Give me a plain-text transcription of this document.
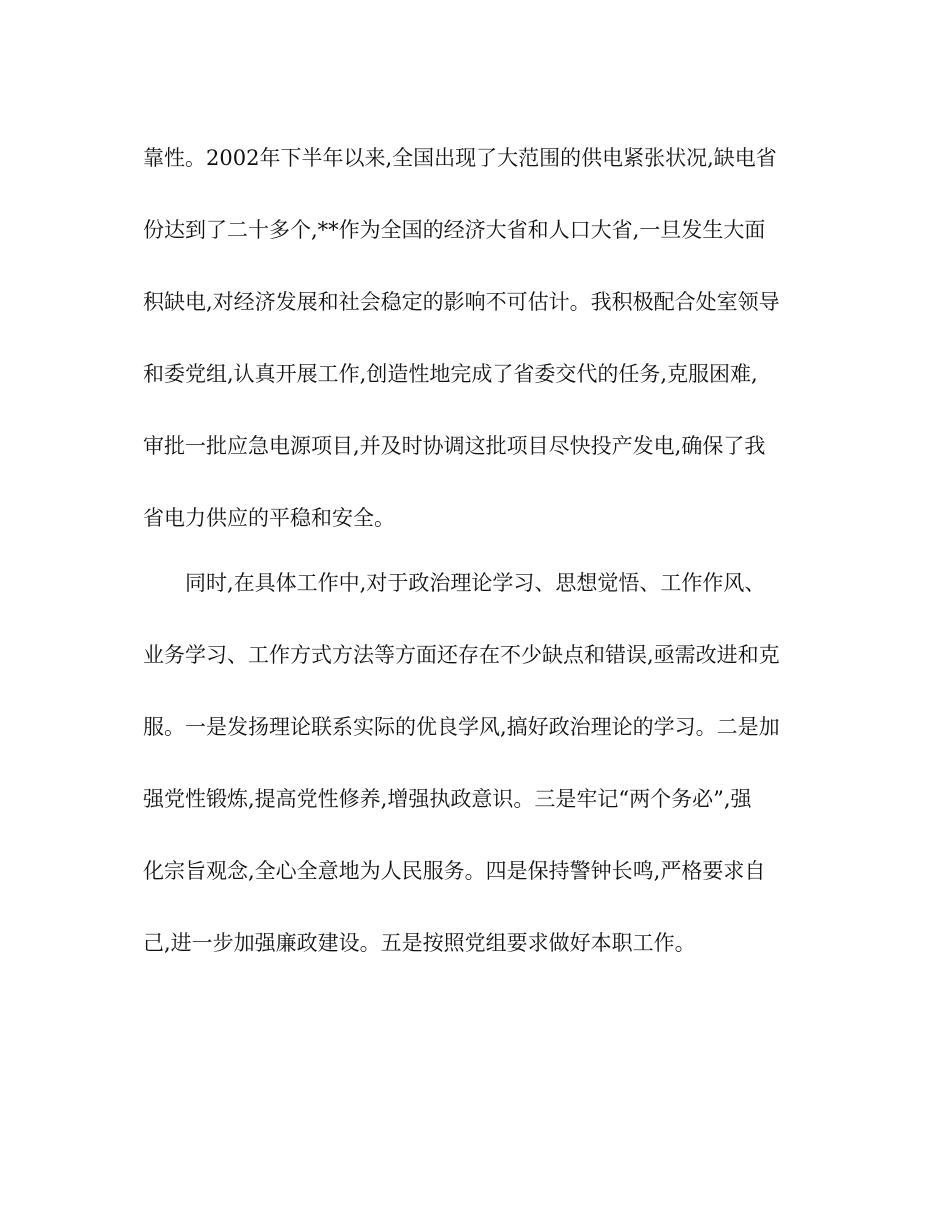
靠性。2002年下半年以来,全国出现了大范围的供电紧张状况,缺电省
份达到了二十多个,**作为全国的经济大省和人口大省,一旦发生大面
积缺电,对经济发展和社会稳定的影响不可估计。我积极配合处室领导
和委党组,认真开展工作,创造性地完成了省委交代的任务,克服困难,
审批一批应急电源项目,并及时协调这批项目尽快投产发电,确保了我
省电力供应的平稳和安全。
同时,在具体工作中,对于政治理论学习、思想觉悟、工作作风、
业务学习、工作方式方法等方面还存在不少缺点和错误,亟需改进和克
服。一是发扬理论联系实际的优良学风,搞好政治理论的学习。二是加
强党性锻炼,提高党性修养,增强执政意识。三是牢记“两个务必”,强
化宗旨观念,全心全意地为人民服务。四是保持警钟长鸣,严格要求自
己,进一步加强廉政建设。五是按照党组要求做好本职工作。
